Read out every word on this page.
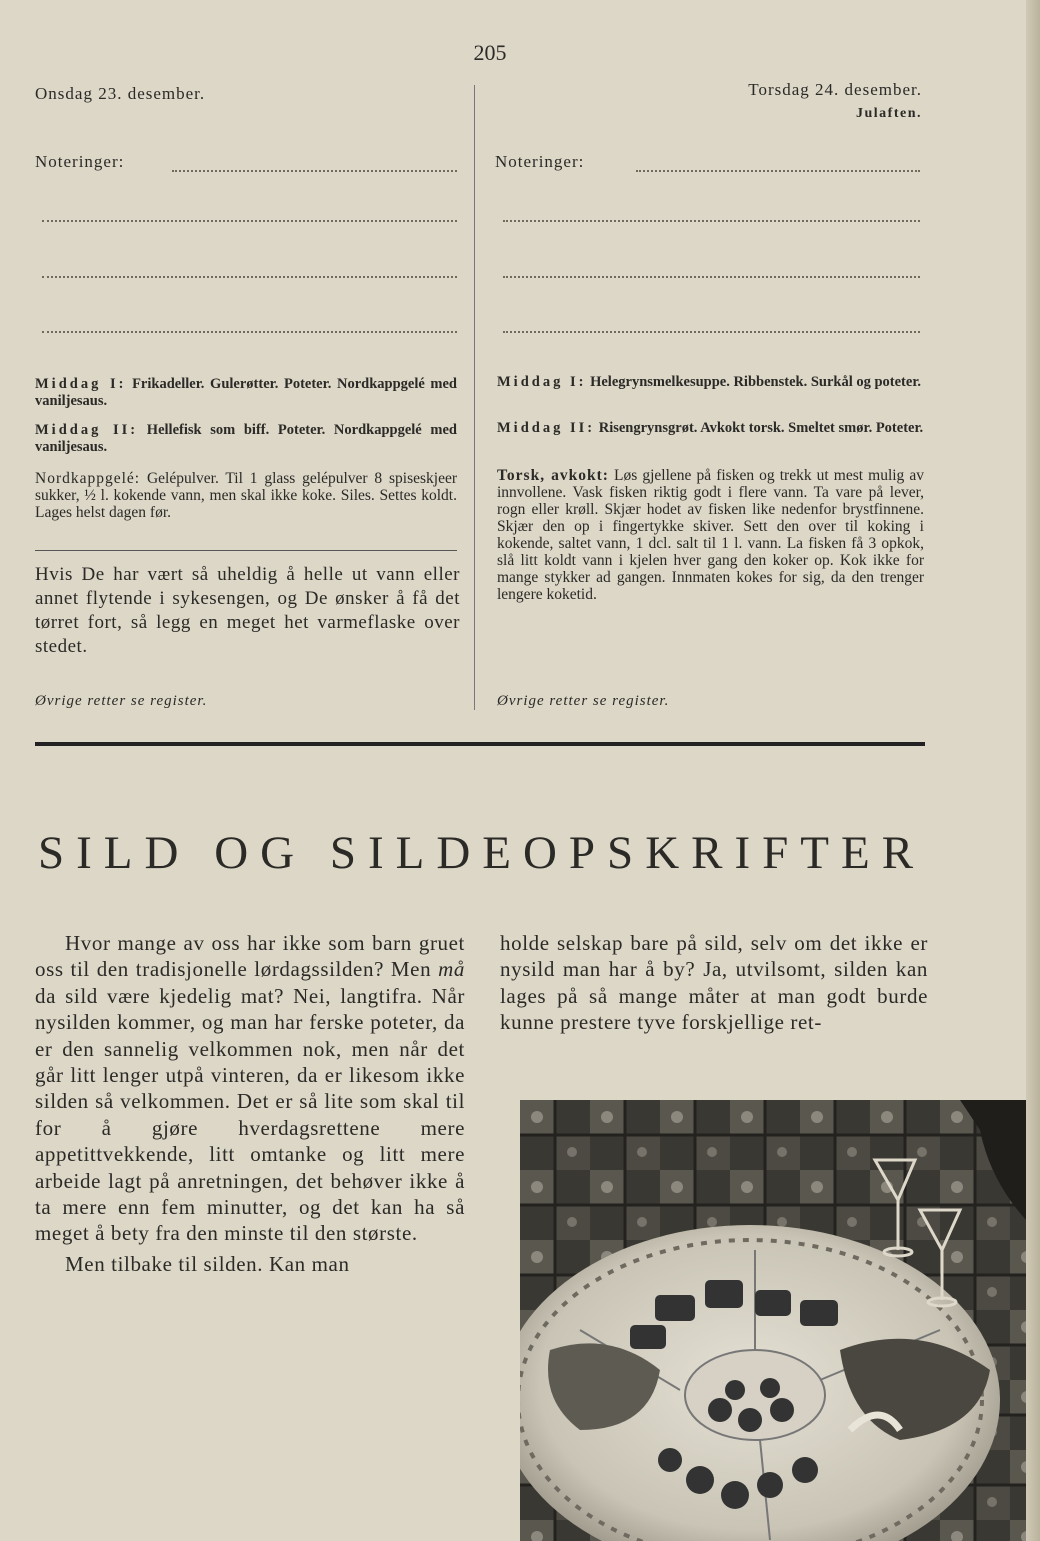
205
Onsdag 23. desember.
Noteringer:
Torsdag 24. desember.
Julaften.
Noteringer:
Middag I: Frikadeller. Gulerøtter. Poteter. Nordkappgelé med vaniljesaus.
Middag II: Hellefisk som biff. Poteter. Nordkappgelé med vaniljesaus.
Nordkappgelé: Gelépulver. Til 1 glass gelépulver 8 spiseskjeer sukker, ½ l. kokende vann, men skal ikke koke. Siles. Settes koldt. Lages helst dagen før.
Hvis De har vært så uheldig å helle ut vann eller annet flytende i sykesengen, og De ønsker å få det tørret fort, så legg en meget het varmeflaske over stedet.
Øvrige retter se register.
Middag I: Helegrynsmelkesuppe. Ribbenstek. Surkål og poteter.
Middag II: Risengrynsgrøt. Avkokt torsk. Smeltet smør. Poteter.
Torsk, avkokt: Løs gjellene på fisken og trekk ut mest mulig av innvollene. Vask fisken riktig godt i flere vann. Ta vare på lever, rogn eller krøll. Skjær hodet av fisken like nedenfor brystfinnene. Skjær den op i fingertykke skiver. Sett den over til koking i kokende, saltet vann, 1 dcl. salt til 1 l. vann. La fisken få 3 opkok, slå litt koldt vann i kjelen hver gang den koker op. Kok ikke for mange stykker ad gangen. Innmaten kokes for sig, da den trenger lengere koketid.
Øvrige retter se register.
SILD OG SILDEOPSKRIFTER

Hvor mange av oss har ikke som barn gruet oss til den tradisjonelle lørdagssilden? Men må da sild være kjedelig mat? Nei, langtifra. Når nysilden kommer, og man har ferske poteter, da er den sannelig velkommen nok, men når det går litt lenger utpå vinteren, da er likesom ikke silden så velkommen. Det er så lite som skal til for å gjøre hverdagsrettene mere appetittvekkende, litt omtanke og litt mere arbeide lagt på anretningen, det behøver ikke å ta mere enn fem minutter, og det kan ha så meget å bety fra den minste til den største.

Men tilbake til silden. Kan man

holde selskap bare på sild, selv om det ikke er nysild man har å by? Ja, utvilsomt, silden kan lages på så mange måter at man godt burde kunne prestere tyve forskjellige ret-
